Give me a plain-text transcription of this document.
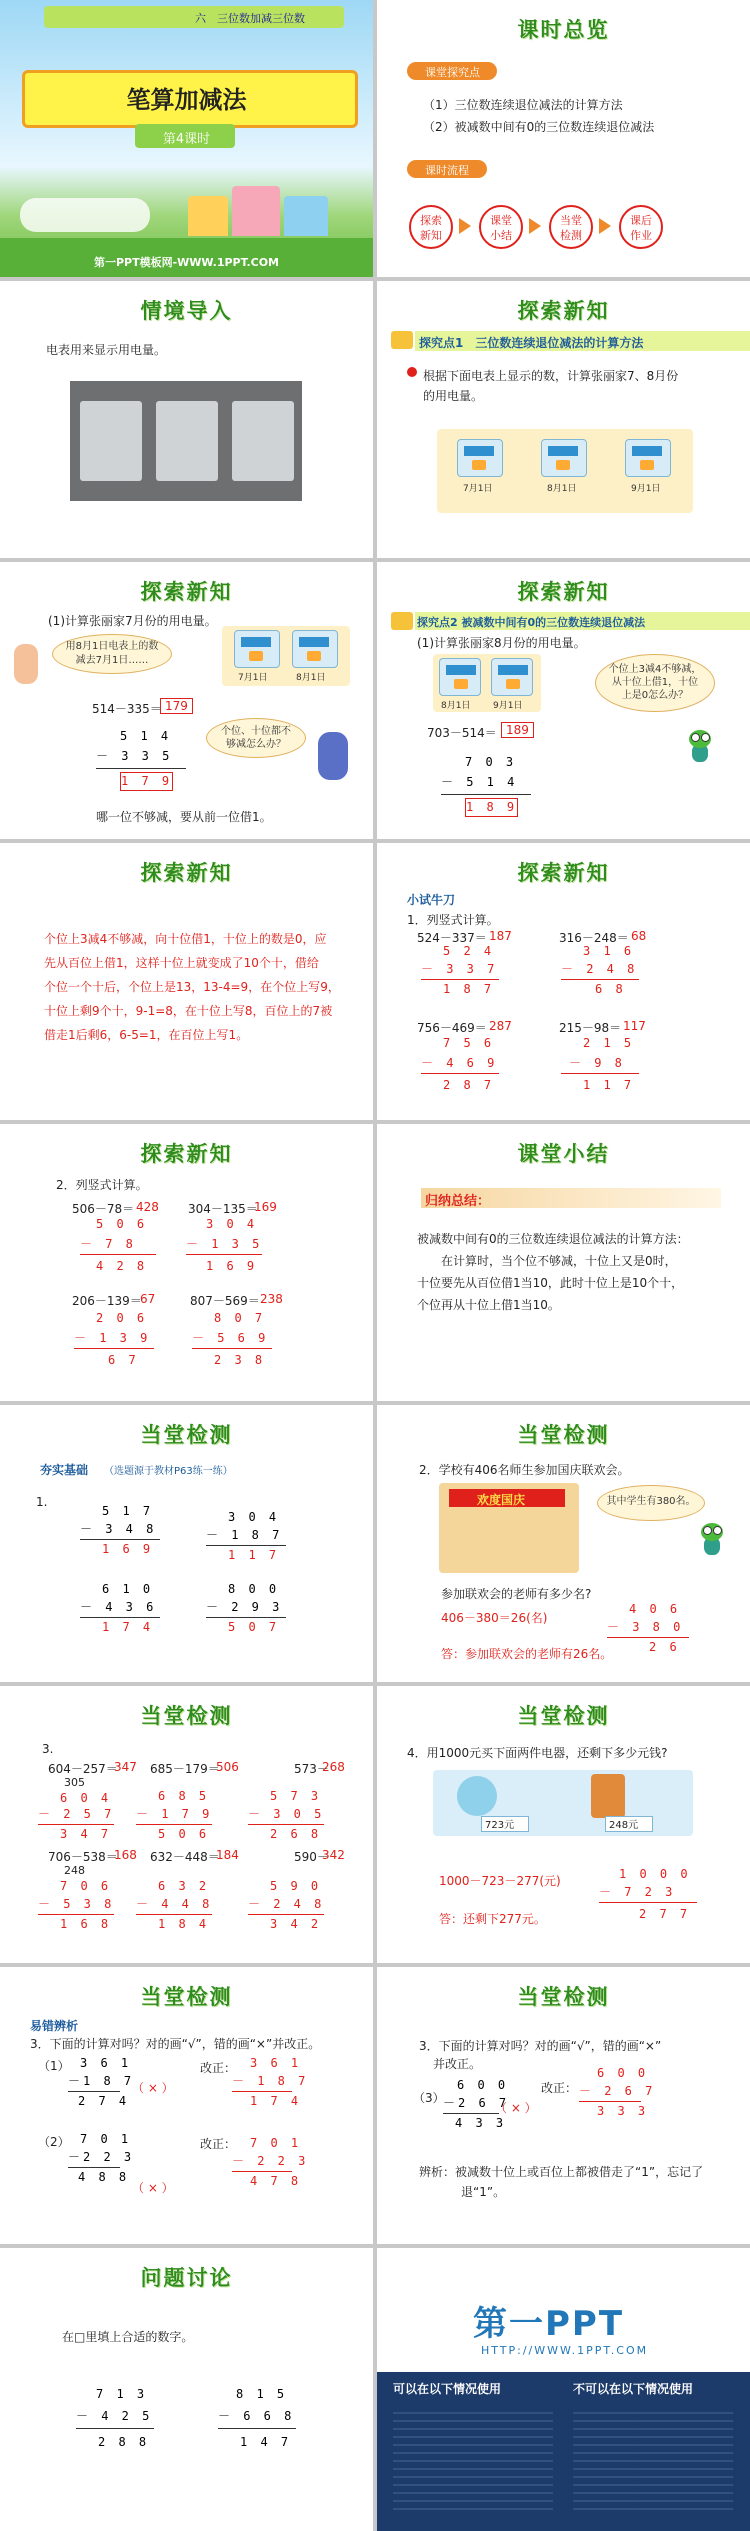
六　三位数加减三位数
笔算加减法
第4课时
第一PPT模板网-WWW.1PPT.COM
课时总览
课堂探究点
（1）三位数连续退位减法的计算方法
（2）被减数中间有0的三位数连续退位减法
课时流程
探索
新知
课堂
小结
当堂
检测
课后
作业
情境导入
电表用来显示用电量。
探索新知
探究点1　三位数连续退位减法的计算方法
根据下面电表上显示的数，计算张丽家7、8月份
的用电量。
7月1日	8月1日	9月1日
探索新知
(1)计算张丽家7月份的用电量。
用8月1日电表上的数减去7月1日……
7月1日	8月1日
514－335＝ 179
5 1 4
－ 3 3 5
1 7 9
个位、十位都不够减怎么办？
哪一位不够减，要从前一位借1。
探索新知
探究点2 被减数中间有0的三位数连续退位减法
(1)计算张丽家8月份的用电量。
8月1日	9月1日
个位上3减4不够减，从十位上借1，十位上是0怎么办？
703－514＝ 189
7 0 3
－ 5 1 4
1 8 9
探索新知
个位上3减4不够减，向十位借1，十位上的数是0，应
先从百位上借1，这样十位上就变成了10个十，借给
个位一个十后，个位上是13，13-4=9，在个位上写9，
十位上剩9个十，9-1=8，在十位上写8，百位上的7被
借走1后剩6，6-5=1，在百位上写1。
探索新知
小试牛刀
1．列竖式计算。
524－337＝ 187
5 2 4
－ 3 3 7
1 8 7
316－248＝ 68
3 1 6
－ 2 4 8
6 8
756－469＝ 287
7 5 6
－ 4 6 9
2 8 7
215－98＝ 117
2 1 5
－ 9 8
1 1 7
探索新知
2．列竖式计算。
506－78＝ 428
5 0 6
－ 7 8
4 2 8
304－135＝
169
3 0 4
－ 1 3 5
1 6 9
206－139＝
67
2 0 6
－ 1 3 9
6 7
807－569＝ 238
8 0 7
－ 5 6 9
2 3 8
课堂小结
归纳总结：
被减数中间有0的三位数连续退位减法的计算方法：
　　在计算时，当个位不够减，十位上又是0时，
十位要先从百位借1当10，此时十位上是10个十，
个位再从十位上借1当10。
当堂检测
夯实基础 （选题源于教材P63练一练）
1.
5 1 7
－ 3 4 8
1 6 9
3 0 4
－ 1 8 7
1 1 7
6 1 0
－ 4 3 6
1 7 4
8 0 0
－ 2 9 3
5 0 7
当堂检测
2．学校有406名师生参加国庆联欢会。
欢度国庆	其中学生有380名。
参加联欢会的老师有多少名?
406－380＝26(名)
4 0 6
－ 3 8 0
2 6
答：参加联欢会的老师有26名。
当堂检测
3.
604－257＝
347 685－179＝
506	573－
268
305
6 0 4
－ 2 5 7
3 4 7
6 8 5
－ 1 7 9
5 0 6
5 7 3
－ 3 0 5
2 6 8
706－538＝
168 632－448＝
184	590－
342
248
7 0 6
－ 5 3 8
1 6 8
6 3 2
－ 4 4 8
1 8 4
5 9 0
－ 2 4 8
3 4 2
当堂检测
4．用1000元买下面两件电器，还剩下多少元钱?
723元	248元
1000－723－277(元)	1 0 0 0
－ 7 2 3
2 7 7
答：还剩下277元。
当堂检测
易错辨析
3．下面的计算对吗？对的画“√”，错的画“×”并改正。
（1） 3 6 1
－1 8 7
2 7 4
（ × ）
改正： 3 6 1
－ 1 8 7
1 7 4
（2） 7 0 1
－2 2 3
4 8 8
（ × ）
改正： 7 0 1
－ 2 2 3
4 7 8
当堂检测
3．下面的计算对吗？对的画“√”，错的画“×”
并改正。
（3）
6 0 0
－2 6 7
4 3 3
（ × ）
改正：
6 0 0
－ 2 6 7
3 3 3
辨析：被减数十位上或百位上都被借走了“1”，忘记了
退“1”。
问题讨论
在□里填上合适的数字。
7 1 3
－ 4 2 5
2 8 8
8 1 5
－ 6 6 8
1 4 7
第一PPT
HTTP://WWW.1PPT.COM
可以在以下情况使用	不可以在以下情况使用
